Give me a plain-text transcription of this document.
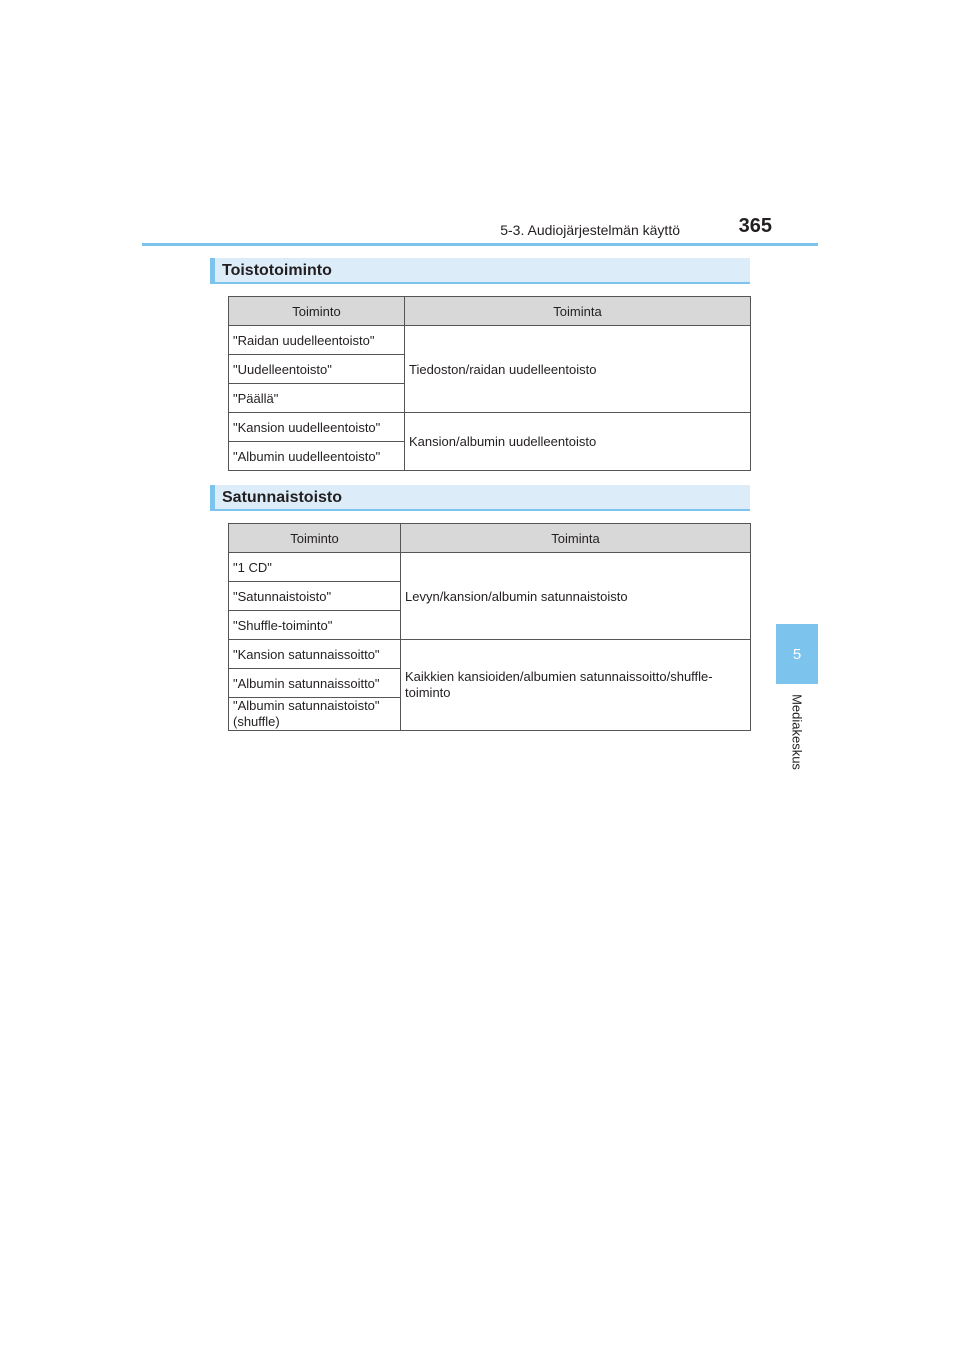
5-3. Audiojärjestelmän käyttö	365
5
Mediakeskus
Toistotoiminto
Toiminto	Toiminta
"Raidan uudelleentoisto"	Tiedoston/raidan uudelleentoisto
"Uudelleentoisto"	
"Päällä"	
"Kansion uudelleentoisto"	Kansion/albumin uudelleentoisto
"Albumin uudelleentoisto"	
Satunnaistoisto
Toiminto	Toiminta
"1 CD"	Levyn/kansion/albumin satunnaistoisto
"Satunnaistoisto"	
"Shuffle-toiminto"	
"Kansion satunnaissoitto"	Kaikkien kansioiden/albumien satunnaissoitto/shuffle-toiminto
"Albumin satunnaissoitto"	
"Albumin satunnaistoisto" (shuffle)	
